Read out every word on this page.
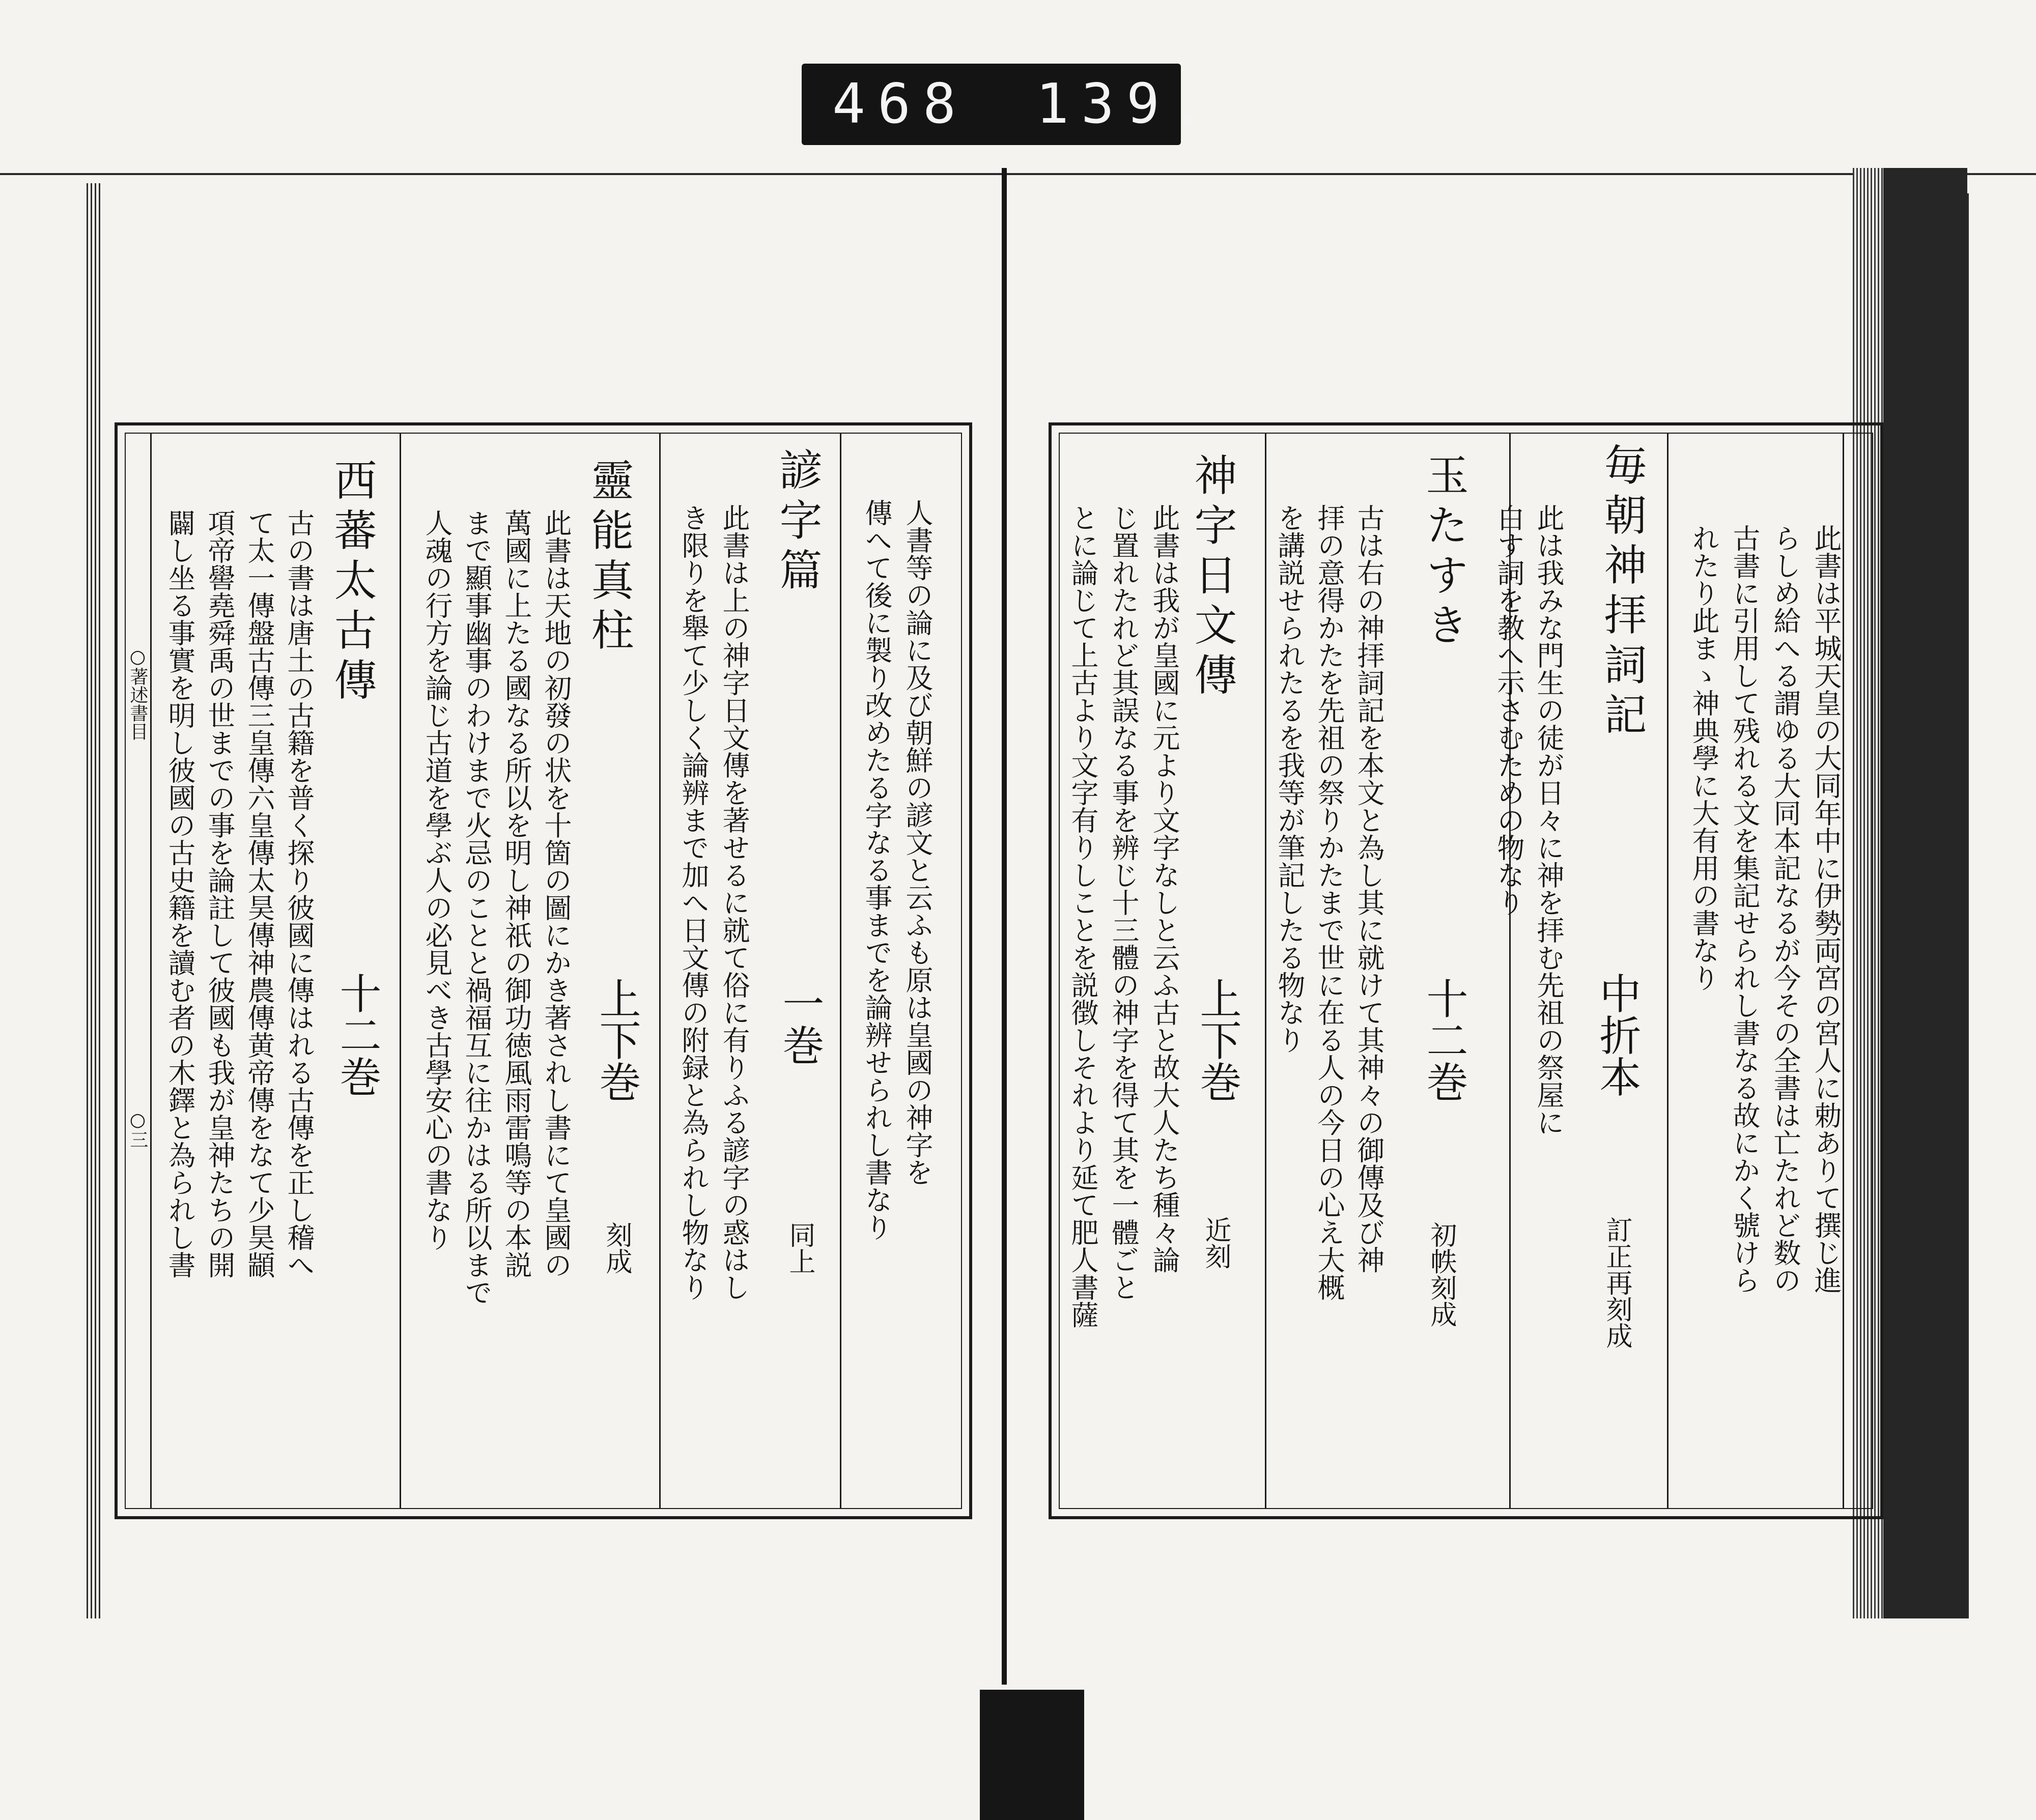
468 139.
○著述書目
○三	此書は平城天皇の大同年中に伊勢両宮の宮人に勅ありて撰じ進
らしめ給へる謂ゆる大同本記なるが今その全書は亡たれど数の
古書に引用して残れる文を集記せられし書なる故にかく號けら
れたり此まゝ神典學に大有用の書なり
毎朝神拝詞記
中折本
訂正再刻成
此は我みな門生の徒が日々に神を拝む先祖の祭屋に
白す詞を教へ示さむための物なり
玉たすき
十二巻
初帙刻成
古は右の神拝詞記を本文と為し其に就けて其神々の御傳及び神
拝の意得かたを先祖の祭りかたまで世に在る人の今日の心え大概
を講説せられたるを我等が筆記したる物なり
神字日文傳
上下巻
近刻
此書は我が皇國に元より文字なしと云ふ古と故大人たち種々論
じ置れたれど其誤なる事を辨じ十三體の神字を得て其を一體ごと
とに論じて上古より文字有りしことを説徴しそれより延て肥人書薩
人書等の論に及び朝鮮の諺文と云ふも原は皇國の神字を
傳へて後に製り改めたる字なる事までを論辨せられし書なり
諺字篇
一巻
同上
此書は上の神字日文傳を著せるに就て俗に有りふる諺字の惑はし
き限りを舉て少しく論辨まで加へ日文傳の附録と為られし物なり
靈能真柱
上下巻
刻成
此書は天地の初發の状を十箇の圖にかき著されし書にて皇國の
萬國に上たる國なる所以を明し神祇の御功徳風雨雷鳴等の本説
まで顯事幽事のわけまで火忌のことと禍福互に往かはる所以まで
人魂の行方を論じ古道を學ぶ人の必見べき古學安心の書なり
西蕃太古傳
十二巻
古の書は唐土の古籍を普く探り彼國に傳はれる古傳を正し稽へ
て太一傳盤古傳三皇傳六皇傳太昊傳神農傳黄帝傳をなて少昊顓
項帝嚳堯舜禹の世までの事を論註して彼國も我が皇神たちの開
闢し坐る事實を明し彼國の古史籍を讀む者の木鐸と為られし書
